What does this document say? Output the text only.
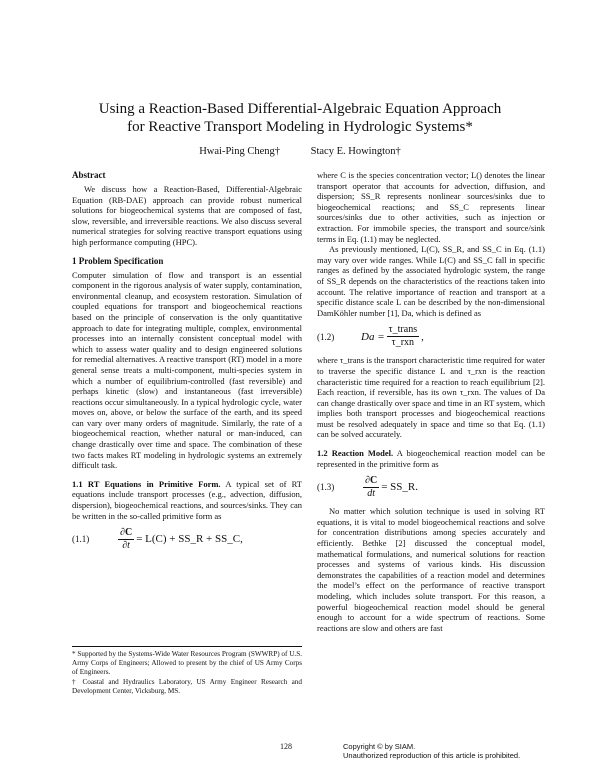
Using a Reaction-Based Differential-Algebraic Equation Approach
for Reactive Transport Modeling in Hydrologic Systems*
Hwai-Ping Cheng†	Stacy E. Howington†
Abstract

We discuss how a Reaction-Based, Differential-Algebraic Equation (RB-DAE) approach can provide robust numerical solutions for biogeochemical systems that are composed of fast, slow, reversible, and irreversible reactions. We also discuss several numerical strategies for solving reactive transport equations using high performance computing (HPC).

1 Problem Specification

Computer simulation of flow and transport is an essential component in the rigorous analysis of water supply, contamination, environmental cleanup, and ecosystem restoration. Simulation of coupled equations for transport and biogeochemical reactions based on the principle of conservation is the only quantitative approach to date for integrating multiple, complex, environmental processes into an internally consistent conceptual model with which to assess water quality and to design engineered solutions for remedial alternatives. A reactive transport (RT) model in a more general sense treats a multi-component, multi-species system in which a number of equilibrium-controlled (fast reversible) and perhaps kinetic (slow) and instantaneous (fast irreversible) reactions occur simultaneously. In a typical hydrologic cycle, water moves on, above, or below the surface of the earth, and its speed can vary over many orders of magnitude. Similarly, the rate of a biogeochemical reaction, whether natural or man-induced, can change drastically over time and space. The combination of these two facts makes RT modeling in hydrologic systems an extremely difficult task.

1.1 RT Equations in Primitive Form. A typical set of RT equations include transport processes (e.g., advection, diffusion, dispersion), biogeochemical reactions, and sources/sinks. They can be written in the so-called primitive form as

(1.1)	$\frac{\partial C}{\partial t} = L(C)$ + SS_R + SS_C,

* Supported by the Systems-Wide Water Resources Program (SWWRP) of U.S. Army Corps of Engineers; Allowed to present by the chief of US Army Corps of Engineers.

† Coastal and Hydraulics Laboratory, US Army Engineer Research and Development Center, Vicksburg, MS.

where C is the species concentration vector; L() denotes the linear transport operator that accounts for advection, diffusion, and dispersion; SS_R represents nonlinear sources/sinks due to biogeochemical reactions; and SS_C represents linear sources/sinks due to other activities, such as injection or extraction. For immobile species, the transport and source/sink terms in Eq. (1.1) may be neglected.

As previously mentioned, L(C), SS_R, and SS_C in Eq. (1.1) may vary over wide ranges. While L(C) and SS_C fall in specific ranges as defined by the associated hydrologic system, the range of SS_R depends on the characteristics of the reactions taken into account. The relative importance of reaction and transport at a specific distance scale L can be described by the non-dimensional DamKöhler number [1], Da, which is defined as

(1.2)	$Da = \frac{\text{τ\_trans}}{\text{τ\_rxn}}$ ,

where τ_trans is the transport characteristic time required for water to traverse the specific distance L and τ_rxn is the reaction characteristic time required for a reaction to reach equilibrium [2]. Each reaction, if reversible, has its own τ_rxn. The values of Da can change drastically over space and time in an RT system, which implies both transport processes and biogeochemical reactions must be resolved adequately in space and time so that Eq. (1.1) can be solved accurately.

1.2 Reaction Model. A biogeochemical reaction model can be represented in the primitive form as

(1.3)	$\frac{\partial C}{dt}$ = SS_R.

No matter which solution technique is used in solving RT equations, it is vital to model biogeochemical reactions and solve for concentration distributions among species accurately and efficiently. Bethke [2] discussed the conceptual model, mathematical formulations, and numerical solutions for reaction processes and systems of various kinds. His discussion demonstrates the capabilities of a reaction model and determines the model’s effect on the performance of reactive transport modeling, which includes solute transport. For this reason, a powerful biogeochemical reaction model should be general enough to account for a wide spectrum of reactions. Some reactions are slow and others are fast

128	Copyright © by SIAM.
Unauthorized reproduction of this article is prohibited.
